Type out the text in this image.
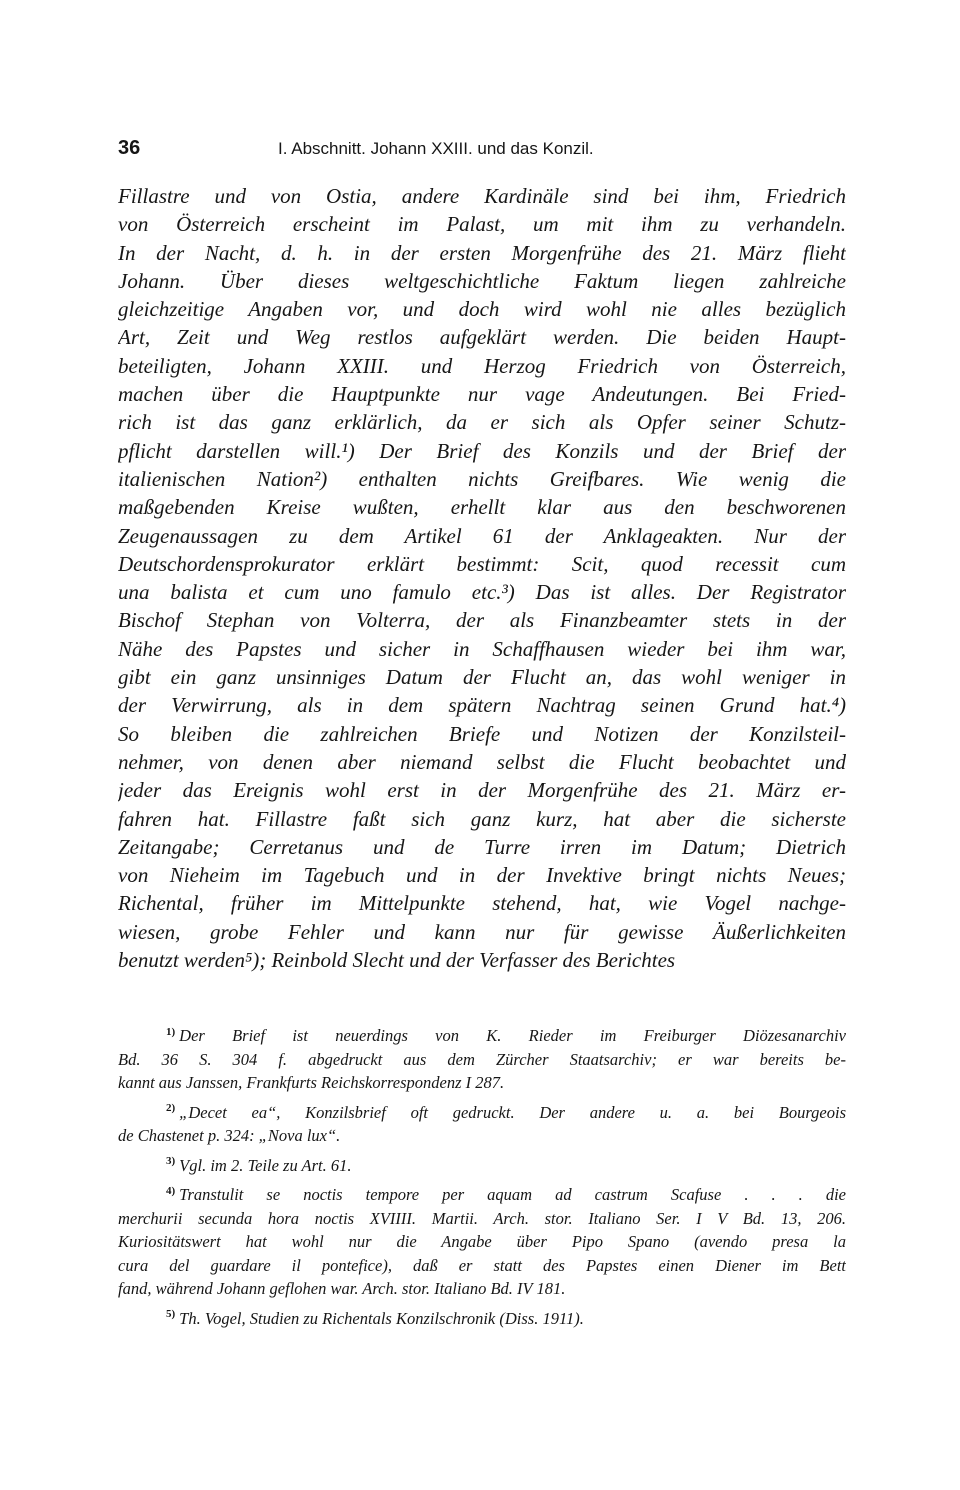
36	I. Abschnitt. Johann XXIII. und das Konzil.
Fillastre und von Ostia, andere Kardinäle sind bei ihm, Friedrich
von Österreich erscheint im Palast, um mit ihm zu verhandeln.
In der Nacht, d. h. in der ersten Morgenfrühe des 21. März flieht
Johann. Über dieses weltgeschichtliche Faktum liegen zahlreiche
gleichzeitige Angaben vor, und doch wird wohl nie alles bezüglich
Art, Zeit und Weg restlos aufgeklärt werden. Die beiden Haupt-
beteiligten, Johann XXIII. und Herzog Friedrich von Österreich,
machen über die Hauptpunkte nur vage Andeutungen. Bei Fried-
rich ist das ganz erklärlich, da er sich als Opfer seiner Schutz-
pflicht darstellen will.¹) Der Brief des Konzils und der Brief der
italienischen Nation²) enthalten nichts Greifbares. Wie wenig die
maßgebenden Kreise wußten, erhellt klar aus den beschworenen
Zeugenaussagen zu dem Artikel 61 der Anklageakten. Nur der
Deutschordensprokurator erklärt bestimmt: Scit, quod recessit cum
una balista et cum uno famulo etc.³) Das ist alles. Der Registrator
Bischof Stephan von Volterra, der als Finanzbeamter stets in der
Nähe des Papstes und sicher in Schaffhausen wieder bei ihm war,
gibt ein ganz unsinniges Datum der Flucht an, das wohl weniger in
der Verwirrung, als in dem spätern Nachtrag seinen Grund hat.⁴)
So bleiben die zahlreichen Briefe und Notizen der Konzilsteil-
nehmer, von denen aber niemand selbst die Flucht beobachtet und
jeder das Ereignis wohl erst in der Morgenfrühe des 21. März er-
fahren hat. Fillastre faßt sich ganz kurz, hat aber die sicherste
Zeitangabe; Cerretanus und de Turre irren im Datum; Dietrich
von Nieheim im Tagebuch und in der Invektive bringt nichts Neues;
Richental, früher im Mittelpunkte stehend, hat, wie Vogel nachge-
wiesen, grobe Fehler und kann nur für gewisse Äußerlichkeiten
benutzt werden⁵); Reinbold Slecht und der Verfasser des Berichtes
$^{1)}$ Der Brief ist neuerdings von K. Rieder im Freiburger Diözesanarchiv
Bd. 36 S. 304 f. abgedruckt aus dem Zürcher Staatsarchiv; er war bereits be-
kannt aus Janssen, Frankfurts Reichskorrespondenz I 287.
$^{2)}$ „Decet ea“, Konzilsbrief oft gedruckt. Der andere u. a. bei Bourgeois
de Chastenet p. 324: „Nova lux“.
$^{3)}$ Vgl. im 2. Teile zu Art. 61.
$^{4)}$ Transtulit se noctis tempore per aquam ad castrum Scafuse . . . die
merchurii secunda hora noctis XVIIII. Martii. Arch. stor. Italiano Ser. I V Bd. 13, 206.
Kuriositätswert hat wohl nur die Angabe über Pipo Spano (avendo presa la
cura del guardare il pontefice), daß er statt des Papstes einen Diener im Bett
fand, während Johann geflohen war. Arch. stor. Italiano Bd. IV 181.
$^{5)}$ Th. Vogel, Studien zu Richentals Konzilschronik (Diss. 1911).
